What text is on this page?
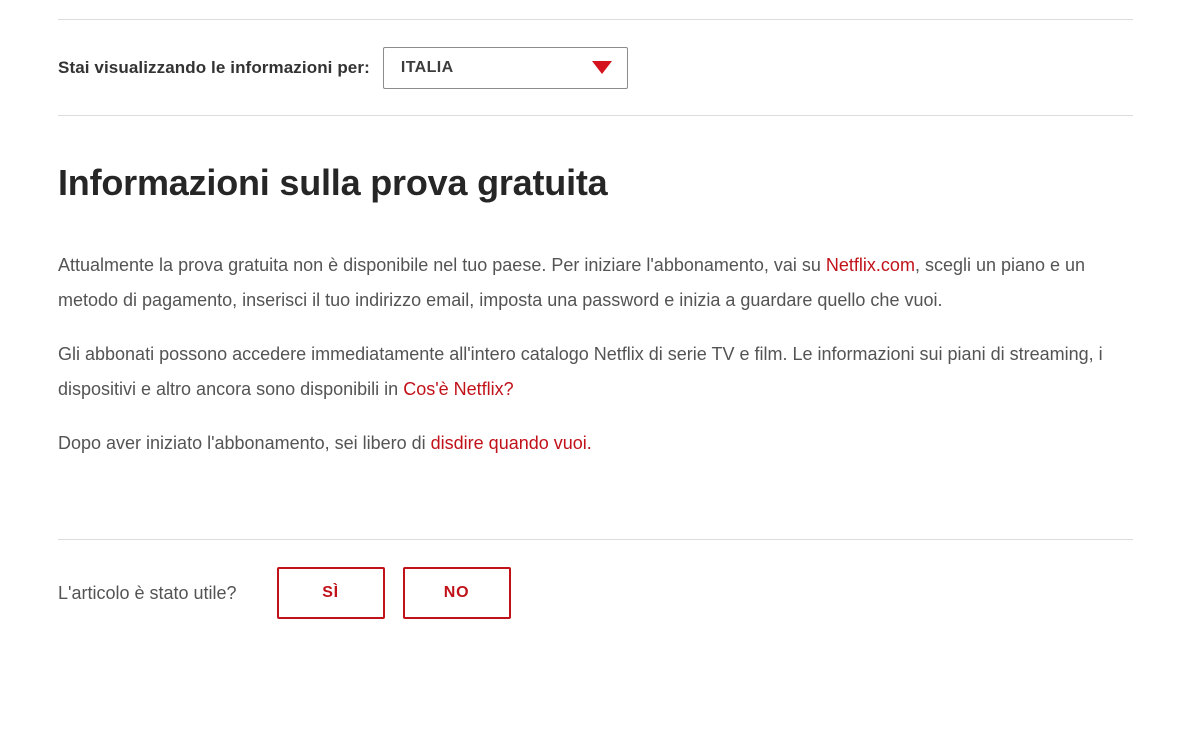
Stai visualizzando le informazioni per: ITALIA
Informazioni sulla prova gratuita

Attualmente la prova gratuita non è disponibile nel tuo paese. Per iniziare l'abbonamento, vai su Netflix.com, scegli un piano e un metodo di pagamento, inserisci il tuo indirizzo email, imposta una password e inizia a guardare quello che vuoi.

Gli abbonati possono accedere immediatamente all'intero catalogo Netflix di serie TV e film. Le informazioni sui piani di streaming, i dispositivi e altro ancora sono disponibili in Cos'è Netflix?

Dopo aver iniziato l'abbonamento, sei libero di disdire quando vuoi.

L'articolo è stato utile?	SÌ	NO
